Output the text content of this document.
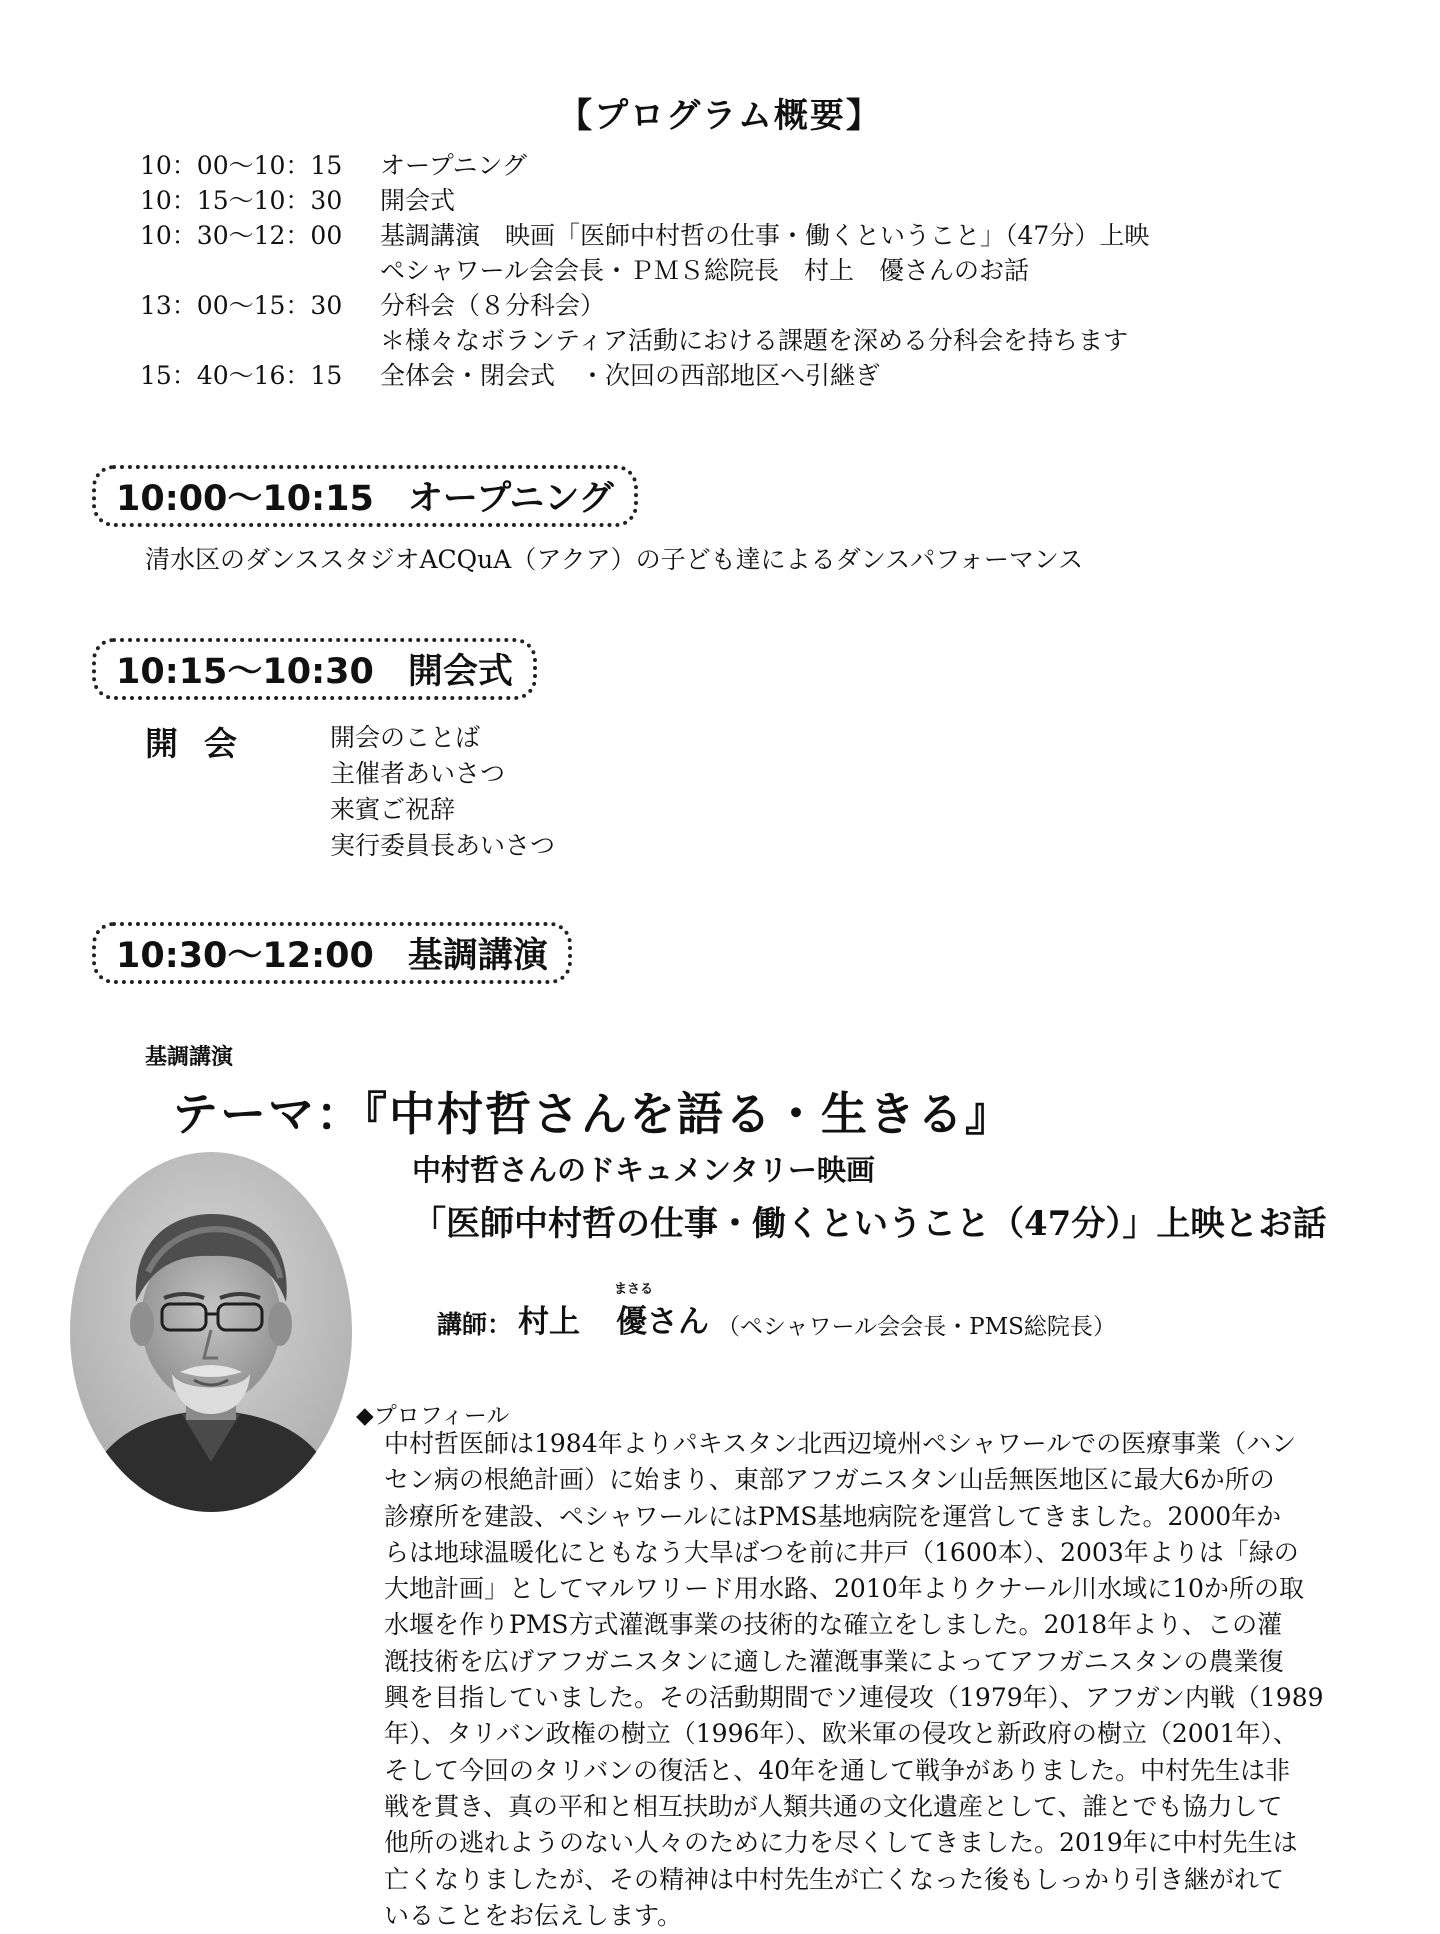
【プログラム概要】
10：00〜10：15	オープニング
10：15〜10：30	開会式
10：30〜12：00	基調講演　映画「医師中村哲の仕事・働くということ」（47分）上映
ペシャワール会会長・ＰＭＳ総院長　村上　優さんのお話
13：00〜15：30	分科会（８分科会）
＊様々なボランティア活動における課題を深める分科会を持ちます
15：40〜16：15	全体会・閉会式　・次回の西部地区へ引継ぎ
10:00〜10:15 オープニング
清水区のダンススタジオACQuA（アクア）の子ども達によるダンスパフォーマンス
10:15〜10:30 開会式
開会	開会のことば
主催者あいさつ
来賓ご祝辞
実行委員長あいさつ
10:30〜12:00 基調講演
基調講演
テーマ：『中村哲さんを語る・生きる』
中村哲さんのドキュメンタリー映画
「医師中村哲の仕事・働くということ（47分）」上映とお話
講師： 村上
まさる
優 さん （ペシャワール会会長・PMS総院長）
◆プロフィール
中村哲医師は1984年よりパキスタン北西辺境州ペシャワールでの医療事業（ハン
セン病の根絶計画）に始まり、東部アフガニスタン山岳無医地区に最大6か所の
診療所を建設、ペシャワールにはPMS基地病院を運営してきました。2000年か
らは地球温暖化にともなう大旱ばつを前に井戸（1600本）、2003年よりは「緑の
大地計画」としてマルワリード用水路、2010年よりクナール川水域に10か所の取
水堰を作りPMS方式灌漑事業の技術的な確立をしました。2018年より、この灌
漑技術を広げアフガニスタンに適した灌漑事業によってアフガニスタンの農業復
興を目指していました。その活動期間でソ連侵攻（1979年）、アフガン内戦（1989
年）、タリバン政権の樹立（1996年）、欧米軍の侵攻と新政府の樹立（2001年）、
そして今回のタリバンの復活と、40年を通して戦争がありました。中村先生は非
戦を貫き、真の平和と相互扶助が人類共通の文化遺産として、誰とでも協力して
他所の逃れようのない人々のために力を尽くしてきました。2019年に中村先生は
亡くなりましたが、その精神は中村先生が亡くなった後もしっかり引き継がれて
いることをお伝えします。
